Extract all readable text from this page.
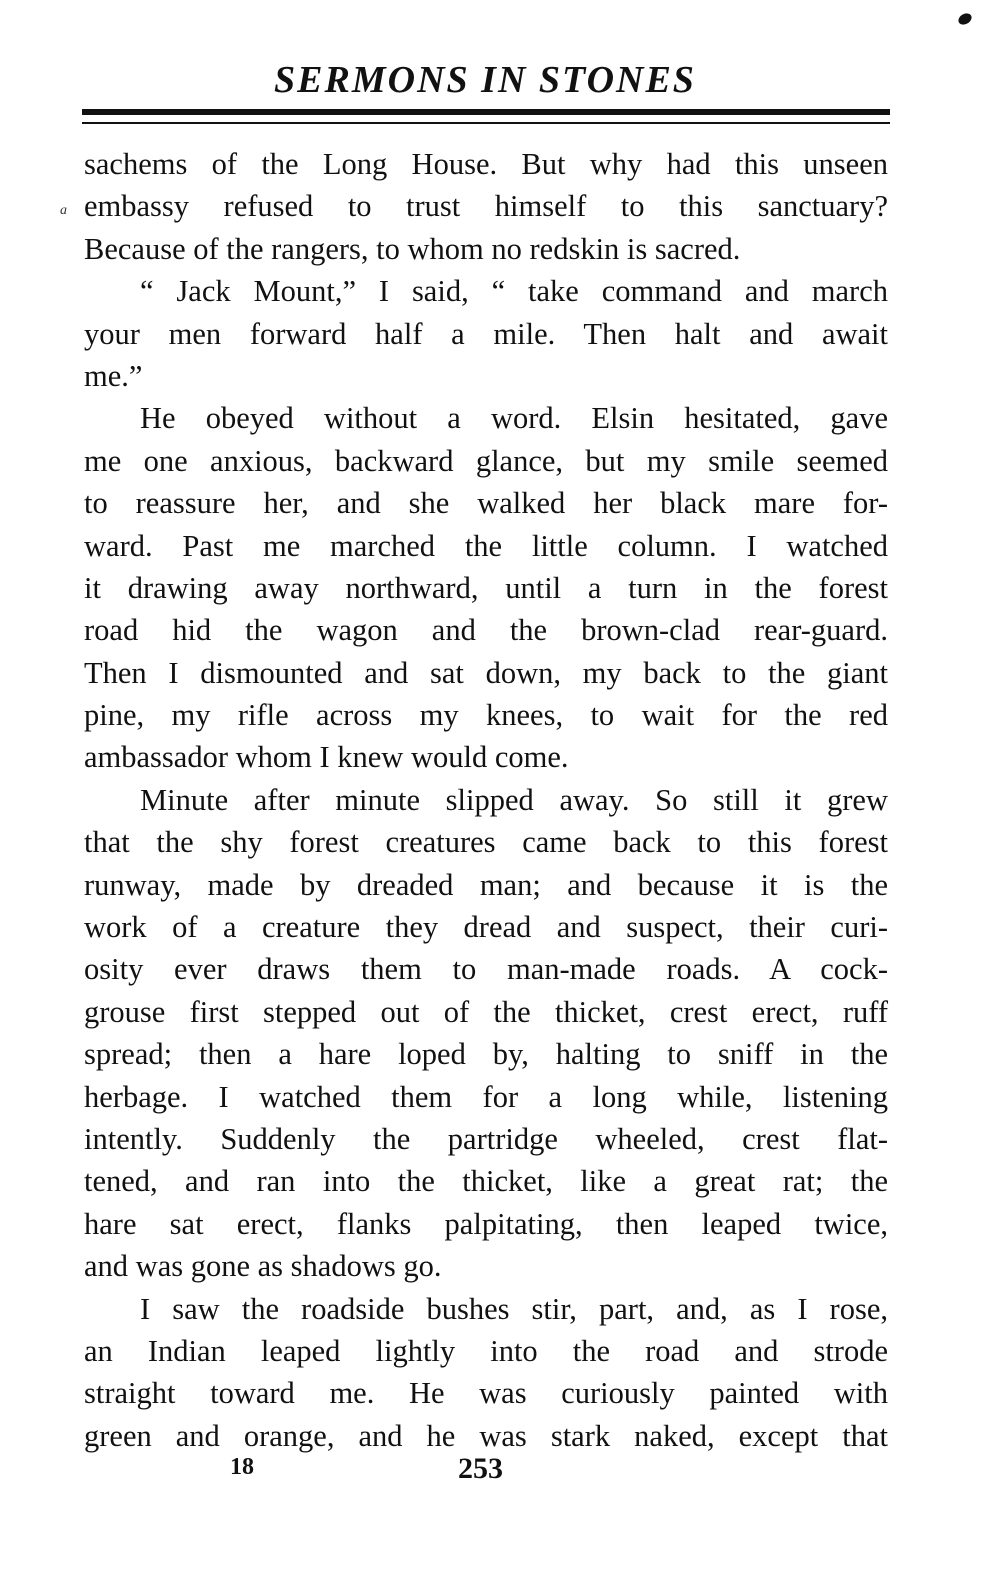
SERMONS IN STONES
a
sachems of the Long House. But why had this unseen
embassy refused to trust himself to this sanctuary?
Because of the rangers, to whom no redskin is sacred.
“ Jack Mount,” I said, “ take command and march
your men forward half a mile. Then halt and await
me.”
He obeyed without a word. Elsin hesitated, gave
me one anxious, backward glance, but my smile seemed
to reassure her, and she walked her black mare for-
ward. Past me marched the little column. I watched
it drawing away northward, until a turn in the forest
road hid the wagon and the brown-clad rear-guard.
Then I dismounted and sat down, my back to the giant
pine, my rifle across my knees, to wait for the red
ambassador whom I knew would come.
Minute after minute slipped away. So still it grew
that the shy forest creatures came back to this forest
runway, made by dreaded man; and because it is the
work of a creature they dread and suspect, their curi-
osity ever draws them to man-made roads. A cock-
grouse first stepped out of the thicket, crest erect, ruff
spread; then a hare loped by, halting to sniff in the
herbage. I watched them for a long while, listening
intently. Suddenly the partridge wheeled, crest flat-
tened, and ran into the thicket, like a great rat; the
hare sat erect, flanks palpitating, then leaped twice,
and was gone as shadows go.
I saw the roadside bushes stir, part, and, as I rose,
an Indian leaped lightly into the road and strode
straight toward me. He was curiously painted with
green and orange, and he was stark naked, except that
18	253
